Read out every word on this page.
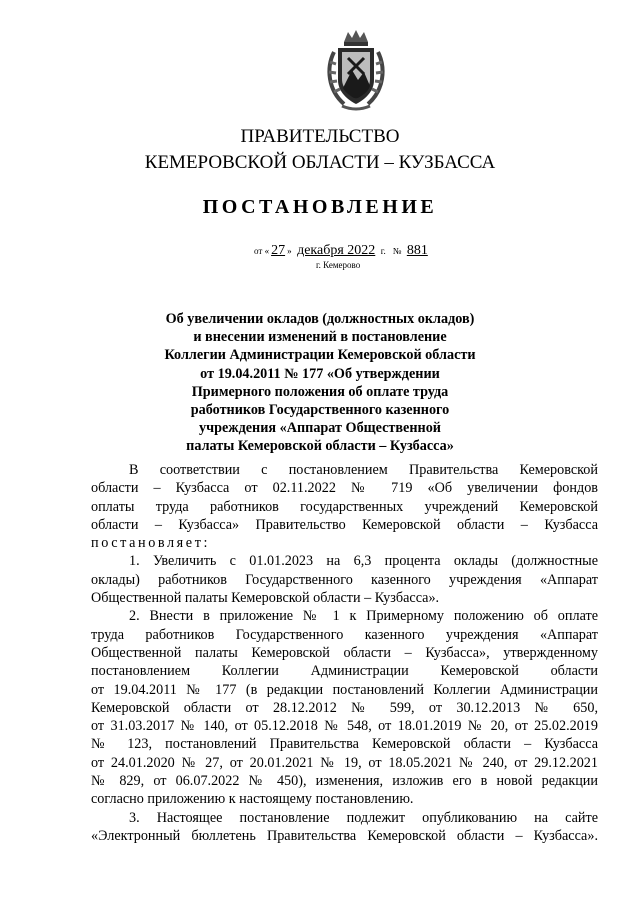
ПРАВИТЕЛЬСТВО
КЕМЕРОВСКОЙ ОБЛАСТИ – КУЗБАССА
ПОСТАНОВЛЕНИЕ
от « 27 » декабря 2022 г. № 881
г. Кемерово
Об увеличении окладов (должностных окладов)
и внесении изменений в постановление
Коллегии Администрации Кемеровской области
от 19.04.2011 № 177 «Об утверждении
Примерного положения об оплате труда
работников Государственного казенного
учреждения «Аппарат Общественной
палаты Кемеровской области – Кузбасса»
В соответствии с постановлением Правительства Кемеровской
области – Кузбасса от 02.11.2022 № 719 «Об увеличении фондов
оплаты труда работников государственных учреждений Кемеровской
области – Кузбасса» Правительство Кемеровской области – Кузбасса
постановляет:
1. Увеличить с 01.01.2023 на 6,3 процента оклады (должностные
оклады) работников Государственного казенного учреждения «Аппарат
Общественной палаты Кемеровской области – Кузбасса».
2. Внести в приложение № 1 к Примерному положению об оплате
труда работников Государственного казенного учреждения «Аппарат
Общественной палаты Кемеровской области – Кузбасса», утвержденному
постановлением Коллегии Администрации Кемеровской области
от 19.04.2011 № 177 (в редакции постановлений Коллегии Администрации
Кемеровской области от 28.12.2012 № 599, от 30.12.2013 № 650,
от 31.03.2017 № 140, от 05.12.2018 № 548, от 18.01.2019 № 20, от 25.02.2019
№ 123, постановлений Правительства Кемеровской области – Кузбасса
от 24.01.2020 № 27, от 20.01.2021 № 19, от 18.05.2021 № 240, от 29.12.2021
№ 829, от 06.07.2022 № 450), изменения, изложив его в новой редакции
согласно приложению к настоящему постановлению.
3. Настоящее постановление подлежит опубликованию на сайте
«Электронный бюллетень Правительства Кемеровской области – Кузбасса».
